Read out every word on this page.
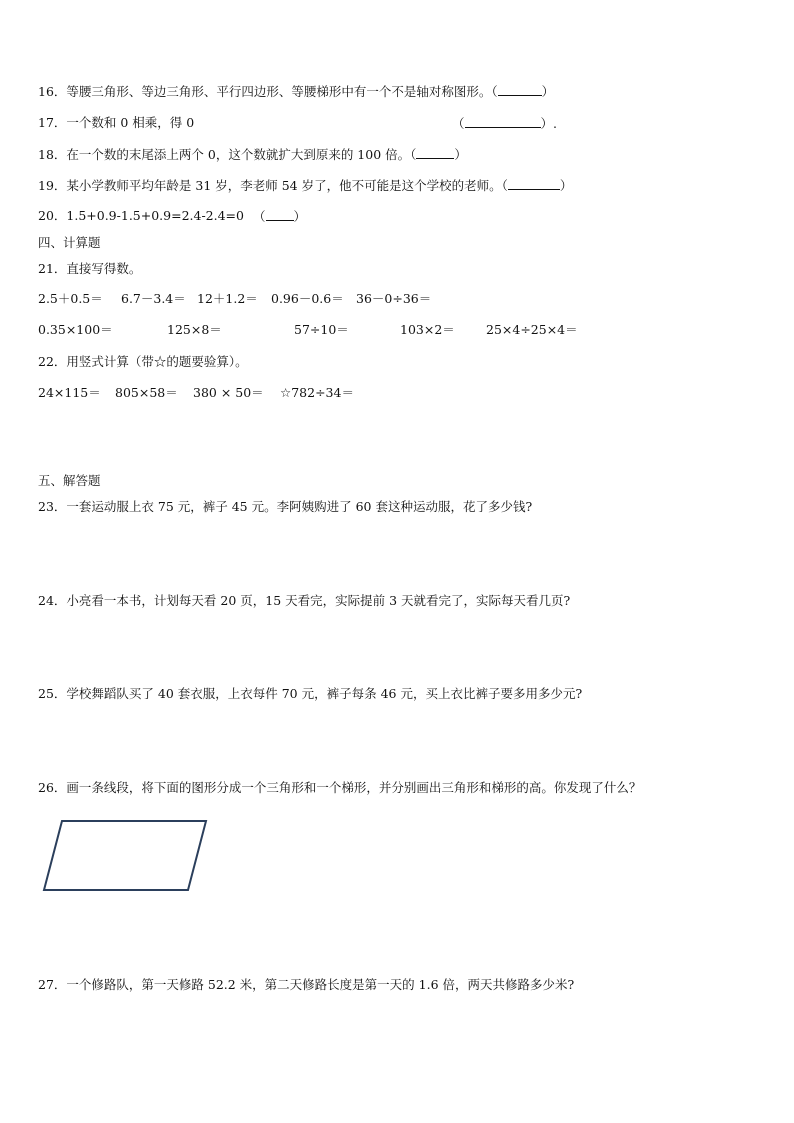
16．等腰三角形、等边三角形、平行四边形、等腰梯形中有一个不是轴对称图形。（	）
17．一个数和 0 相乘，得 0	（	）.
18．在一个数的末尾添上两个 0，这个数就扩大到原来的 100 倍。（	）
19．某小学教师平均年龄是 31 岁，李老师 54 岁了，他不可能是这个学校的老师。（	）
20．1.5+0.9-1.5+0.9=2.4-2.4=0 （ ）
四、计算题
21．直接写得数。
2.5＋0.5＝ 6.7－3.4＝ 12＋1.2＝ 0.96－0.6＝ 36－0÷36＝
0.35×100＝	125×8＝	57÷10＝	103×2＝ 25×4÷25×4＝
22．用竖式计算（带☆的题要验算）。
24×115＝ 805×58＝ 380 × 50＝ ☆782÷34＝
五、解答题
23．一套运动服上衣 75 元，裤子 45 元。李阿姨购进了 60 套这种运动服，花了多少钱?
24．小亮看一本书，计划每天看 20 页，15 天看完，实际提前 3 天就看完了，实际每天看几页?
25．学校舞蹈队买了 40 套衣服，上衣每件 70 元，裤子每条 46 元，买上衣比裤子要多用多少元?
26．画一条线段，将下面的图形分成一个三角形和一个梯形，并分别画出三角形和梯形的高。你发现了什么？
27．一个修路队，第一天修路 52.2 米，第二天修路长度是第一天的 1.6 倍，两天共修路多少米?
